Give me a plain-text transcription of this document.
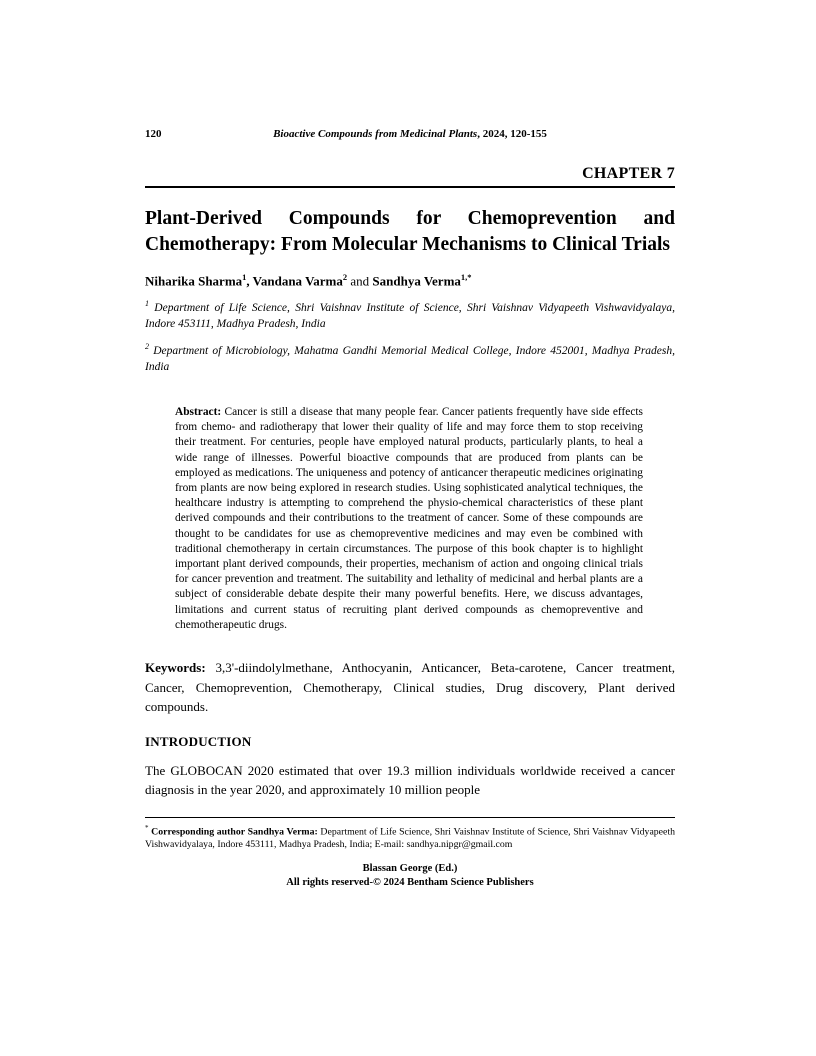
120	Bioactive Compounds from Medicinal Plants, 2024, 120-155
CHAPTER 7
Plant-Derived Compounds for Chemoprevention and Chemotherapy: From Molecular Mechanisms to Clinical Trials
Niharika Sharma$^1$, Vandana Varma$^2$ and Sandhya Verma$^{1,*}$
$^1$ Department of Life Science, Shri Vaishnav Institute of Science, Shri Vaishnav Vidyapeeth Vishwavidyalaya, Indore 453111, Madhya Pradesh, India
$^2$ Department of Microbiology, Mahatma Gandhi Memorial Medical College, Indore 452001, Madhya Pradesh, India
Abstract: Cancer is still a disease that many people fear. Cancer patients frequently have side effects from chemo- and radiotherapy that lower their quality of life and may force them to stop receiving their treatment. For centuries, people have employed natural products, particularly plants, to heal a wide range of illnesses. Powerful bioactive compounds that are produced from plants can be employed as medications. The uniqueness and potency of anticancer therapeutic medicines originating from plants are now being explored in research studies. Using sophisticated analytical techniques, the healthcare industry is attempting to comprehend the physio-chemical characteristics of these plant derived compounds and their contributions to the treatment of cancer. Some of these compounds are thought to be candidates for use as chemopreventive medicines and may even be combined with traditional chemotherapy in certain circumstances. The purpose of this book chapter is to highlight important plant derived compounds, their properties, mechanism of action and ongoing clinical trials for cancer prevention and treatment. The suitability and lethality of medicinal and herbal plants are a subject of considerable debate despite their many powerful benefits. Here, we discuss advantages, limitations and current status of recruiting plant derived compounds as chemopreventive and chemotherapeutic drugs.
Keywords: 3,3'-diindolylmethane, Anthocyanin, Anticancer, Beta-carotene, Cancer treatment, Cancer, Chemoprevention, Chemotherapy, Clinical studies, Drug discovery, Plant derived compounds.
INTRODUCTION
The GLOBOCAN 2020 estimated that over 19.3 million individuals worldwide received a cancer diagnosis in the year 2020, and approximately 10 million people
* Corresponding author Sandhya Verma: Department of Life Science, Shri Vaishnav Institute of Science, Shri Vaishnav Vidyapeeth Vishwavidyalaya, Indore 453111, Madhya Pradesh, India; E-mail: sandhya.nipgr@gmail.com
Blassan George (Ed.)
All rights reserved-© 2024 Bentham Science Publishers
